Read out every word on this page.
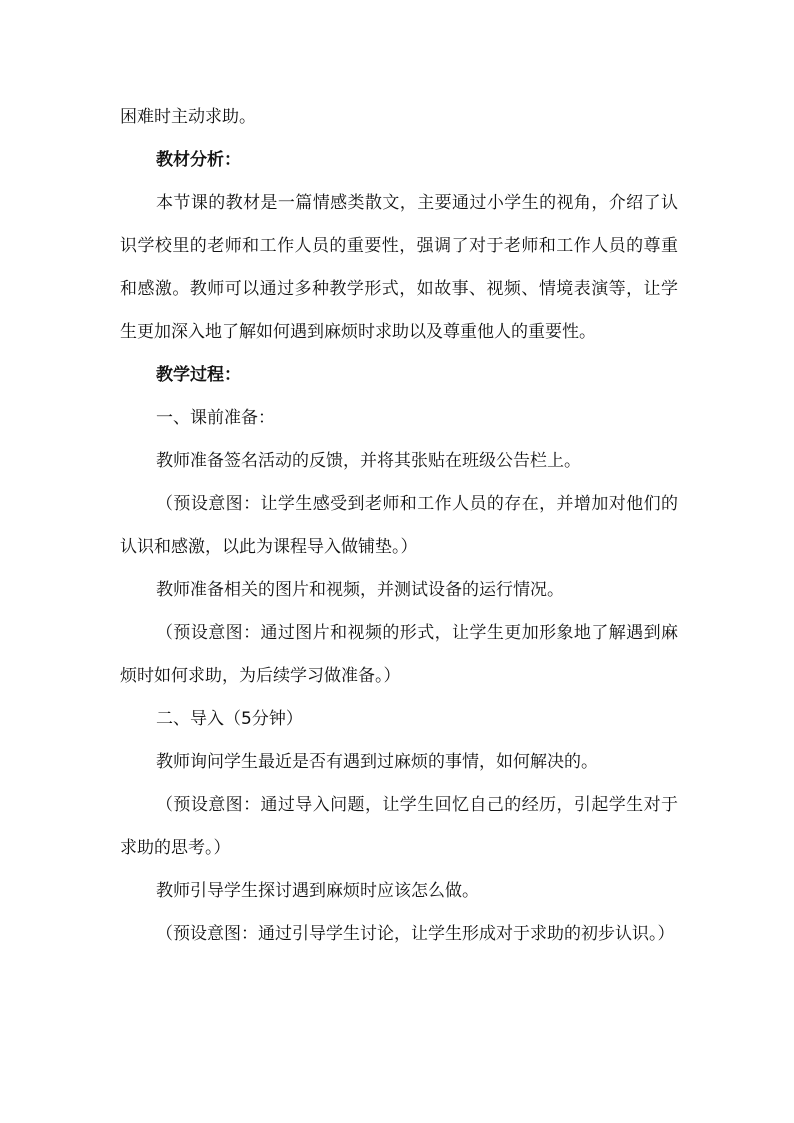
困难时主动求助。

教材分析：

本节课的教材是一篇情感类散文，主要通过小学生的视角，介绍了认识学校里的老师和工作人员的重要性，强调了对于老师和工作人员的尊重和感激。教师可以通过多种教学形式，如故事、视频、情境表演等，让学生更加深入地了解如何遇到麻烦时求助以及尊重他人的重要性。

教学过程：

一、课前准备：

教师准备签名活动的反馈，并将其张贴在班级公告栏上。

（预设意图：让学生感受到老师和工作人员的存在，并增加对他们的认识和感激，以此为课程导入做铺垫。）

教师准备相关的图片和视频，并测试设备的运行情况。

（预设意图：通过图片和视频的形式，让学生更加形象地了解遇到麻烦时如何求助，为后续学习做准备。）

二、导入（5分钟）

教师询问学生最近是否有遇到过麻烦的事情，如何解决的。

（预设意图：通过导入问题，让学生回忆自己的经历，引起学生对于求助的思考。）

教师引导学生探讨遇到麻烦时应该怎么做。

（预设意图：通过引导学生讨论，让学生形成对于求助的初步认识。）
